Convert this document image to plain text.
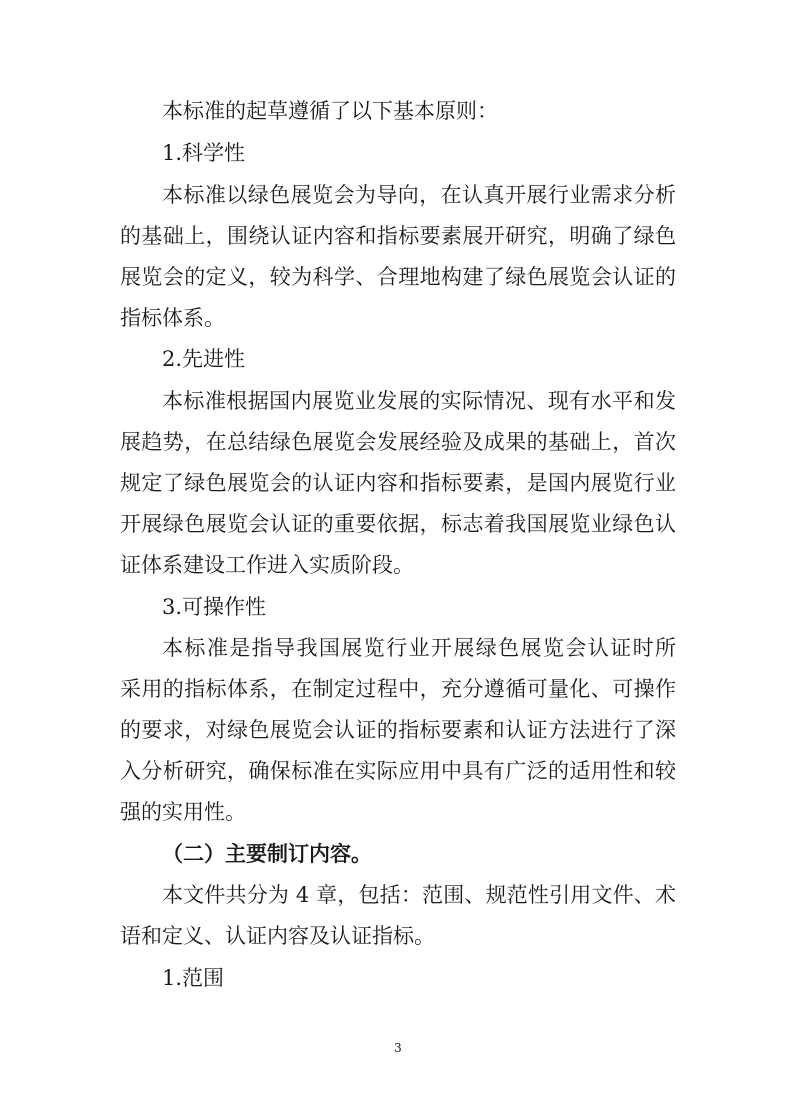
本标准的起草遵循了以下基本原则：
1.科学性
本标准以绿色展览会为导向，在认真开展行业需求分析
的基础上，围绕认证内容和指标要素展开研究，明确了绿色
展览会的定义，较为科学、合理地构建了绿色展览会认证的
指标体系。
2.先进性
本标准根据国内展览业发展的实际情况、现有水平和发
展趋势，在总结绿色展览会发展经验及成果的基础上，首次
规定了绿色展览会的认证内容和指标要素，是国内展览行业
开展绿色展览会认证的重要依据，标志着我国展览业绿色认
证体系建设工作进入实质阶段。
3.可操作性
本标准是指导我国展览行业开展绿色展览会认证时所
采用的指标体系，在制定过程中，充分遵循可量化、可操作
的要求，对绿色展览会认证的指标要素和认证方法进行了深
入分析研究，确保标准在实际应用中具有广泛的适用性和较
强的实用性。
（二）主要制订内容。
本文件共分为 4 章，包括：范围、规范性引用文件、术
语和定义、认证内容及认证指标。
1.范围
3
